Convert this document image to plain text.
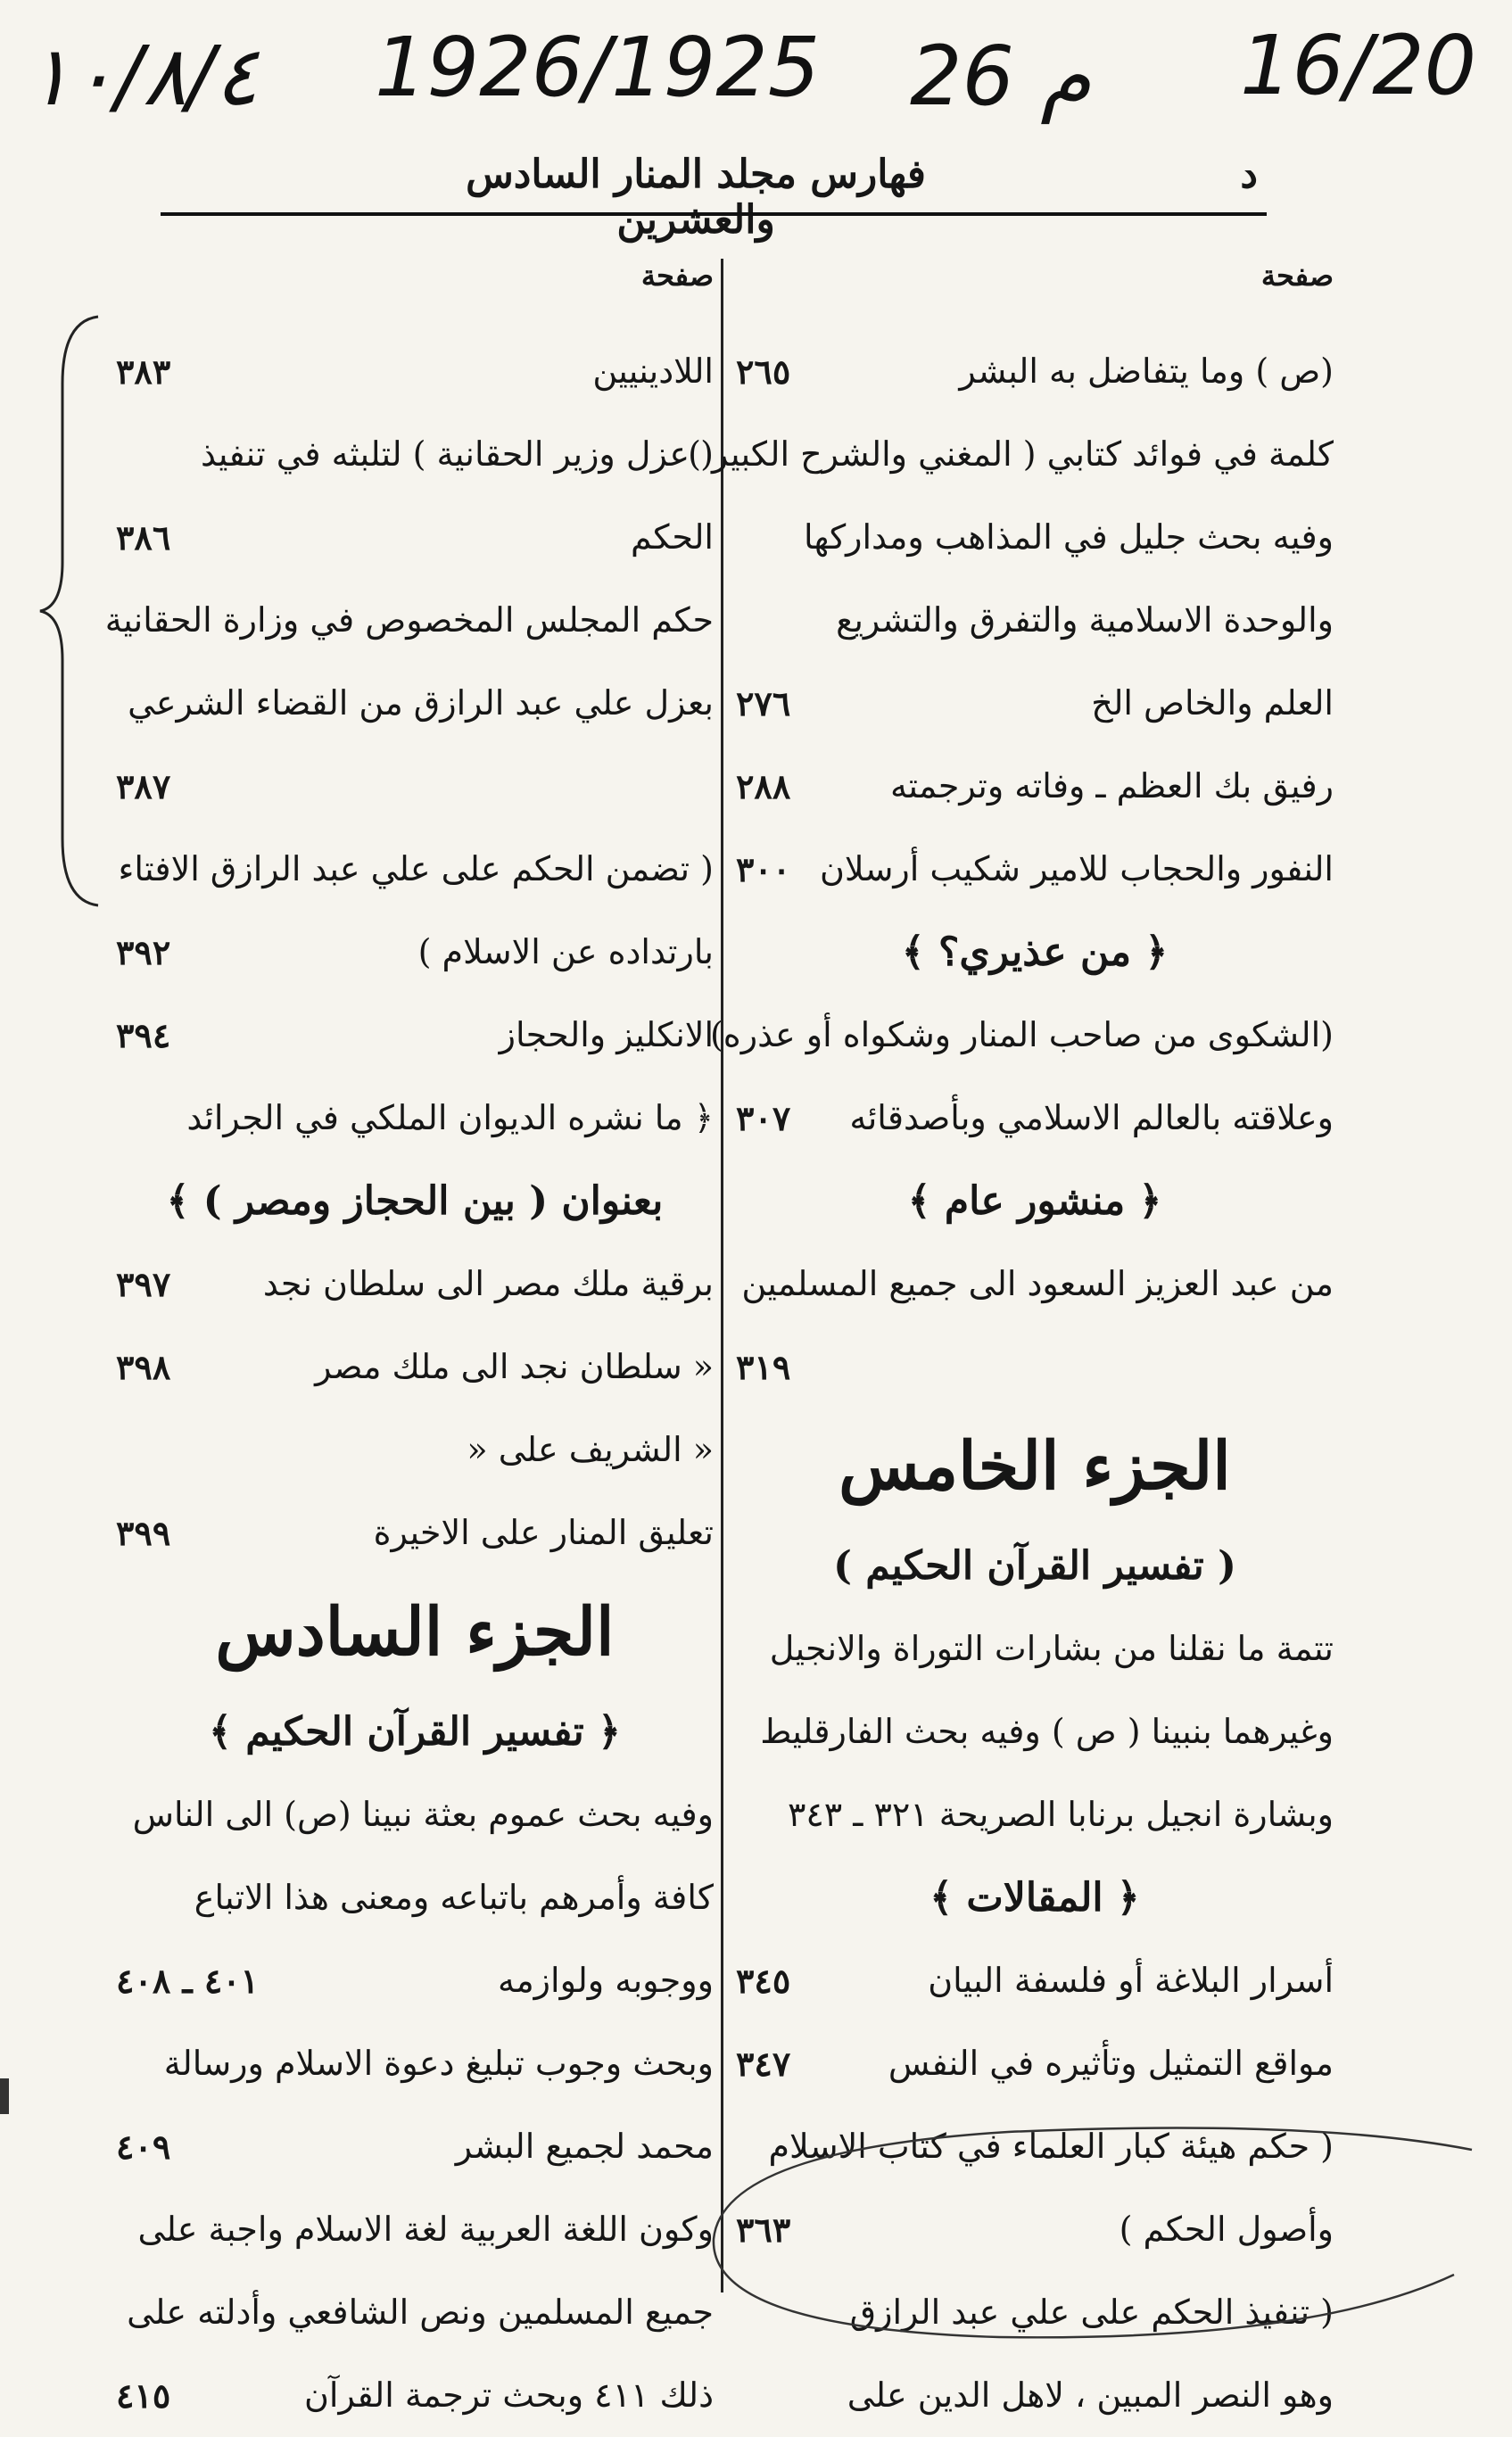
١٠/٨/٤ 1926/1925 26 م 16/20
فهارس مجلد المنار السادس والعشرين
د
صفحة
(ص ) وما يتفاضل به البشر
٢٦٥
كلمة في فوائد كتابي ( المغني والشرح الكبير )
وفيه بحث جليل في المذاهب ومداركها
والوحدة الاسلامية والتفرق والتشريع
العلم والخاص الخ
٢٧٦
رفيق بك العظم ـ وفاته وترجمته
٢٨٨
النفور والحجاب للامير شكيب أرسلان
٣٠٠
﴿ من عذيري؟ ﴾
(الشكوى من صاحب المنار وشكواه أو عذره)
وعلاقته بالعالم الاسلامي وبأصدقائه
٣٠٧
﴿ منشور عام ﴾
من عبد العزيز السعود الى جميع المسلمين
٣١٩
الجزء الخامس
( تفسير القرآن الحكيم )
تتمة ما نقلنا من بشارات التوراة والانجيل
وغيرهما بنبينا ( ص ) وفيه بحث الفارقليط
وبشارة انجيل برنابا الصريحة ٣٢١ ـ ٣٤٣
﴿ المقالات ﴾
أسرار البلاغة أو فلسفة البيان
٣٤٥
مواقع التمثيل وتأثيره في النفس
٣٤٧
( حكم هيئة كبار العلماء في كتاب الاسلام
وأصول الحكم )
٣٦٣
( تنفيذ الحكم على علي عبد الرازق
وهو النصر المبين ، لاهل الدين على
صفحة
اللادينيين
٣٨٣
( عزل وزير الحقانية ) لتلبثه في تنفيذ
الحكم
٣٨٦
حكم المجلس المخصوص في وزارة الحقانية
بعزل علي عبد الرازق من القضاء الشرعي
٣٨٧
( تضمن الحكم على علي عبد الرازق الافتاء
بارتداده عن الاسلام )
٣٩٢
الانكليز والحجاز
٣٩٤
﴿ ما نشره الديوان الملكي في الجرائد
بعنوان ( بين الحجاز ومصر ) ﴾
برقية ملك مصر الى سلطان نجد
٣٩٧
« سلطان نجد الى ملك مصر
٣٩٨
« الشريف على «
تعليق المنار على الاخيرة
٣٩٩
الجزء السادس
﴿ تفسير القرآن الحكيم ﴾
وفيه بحث عموم بعثة نبينا (ص) الى الناس
كافة وأمرهم باتباعه ومعنى هذا الاتباع
ووجوبه ولوازمه
٤٠١ ـ ٤٠٨
وبحث وجوب تبليغ دعوة الاسلام ورسالة
محمد لجميع البشر
٤٠٩
وكون اللغة العربية لغة الاسلام واجبة على
جميع المسلمين ونص الشافعي وأدلته على
ذلك ٤١١ وبحث ترجمة القرآن
٤١٥
